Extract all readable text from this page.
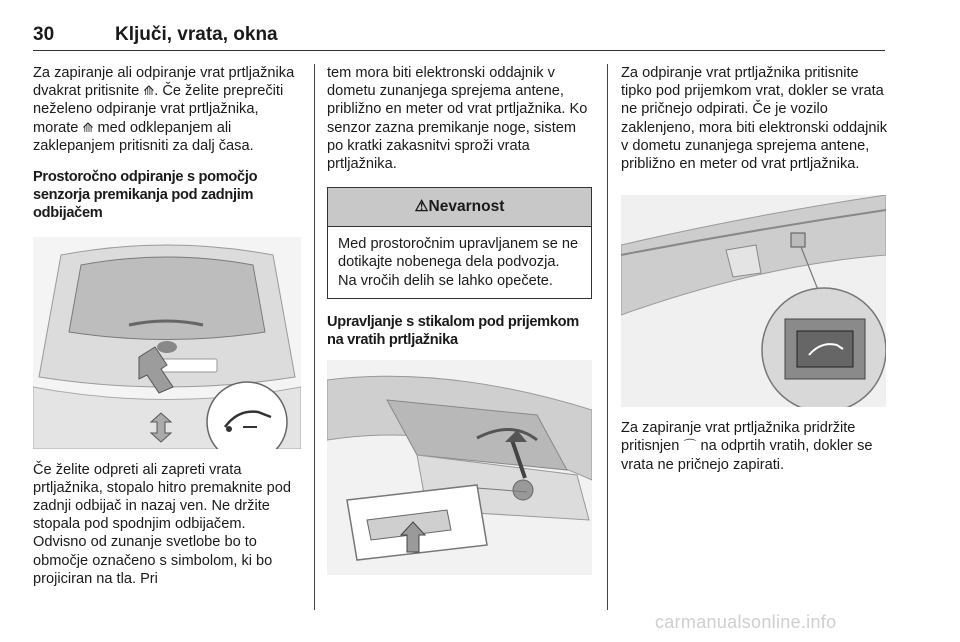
30	Ključi, vrata, okna

Za zapiranje ali odpiranje vrat prtljažnika dvakrat pritisnite ⟰. Če želite preprečiti neželeno odpiranje vrat prtljažnika, morate ⟰ med odklepanjem ali zaklepanjem pritisniti za dalj časa.

Prostoročno odpiranje s pomočjo senzorja premikanja pod zadnjim odbijačem

Če želite odpreti ali zapreti vrata prtljažnika, stopalo hitro premaknite pod zadnji odbijač in nazaj ven. Ne držite stopala pod spodnjim odbijačem. Odvisno od zunanje svetlobe bo to območje označeno s simbolom, ki bo projiciran na tla. Pri

tem mora biti elektronski oddajnik v dometu zunanjega sprejema antene, približno en meter od vrat prtljažnika. Ko senzor zazna premikanje noge, sistem po kratki zakasnitvi sproži vrata prtljažnika.

⚠Nevarnost
Med prostoročnim upravljanem se ne dotikajte nobenega dela podvozja. Na vročih delih se lahko opečete.

Upravljanje s stikalom pod prijemkom na vratih prtljažnika

Za odpiranje vrat prtljažnika pritisnite tipko pod prijemkom vrat, dokler se vrata ne pričnejo odpirati. Če je vozilo zaklenjeno, mora biti elektronski oddajnik v dometu zunanjega sprejema antene, približno en meter od vrat prtljažnika.

Za zapiranje vrat prtljažnika pridržite pritisnjen ⌒ na odprtih vratih, dokler se vrata ne pričnejo zapirati.

carmanualsonline.info
